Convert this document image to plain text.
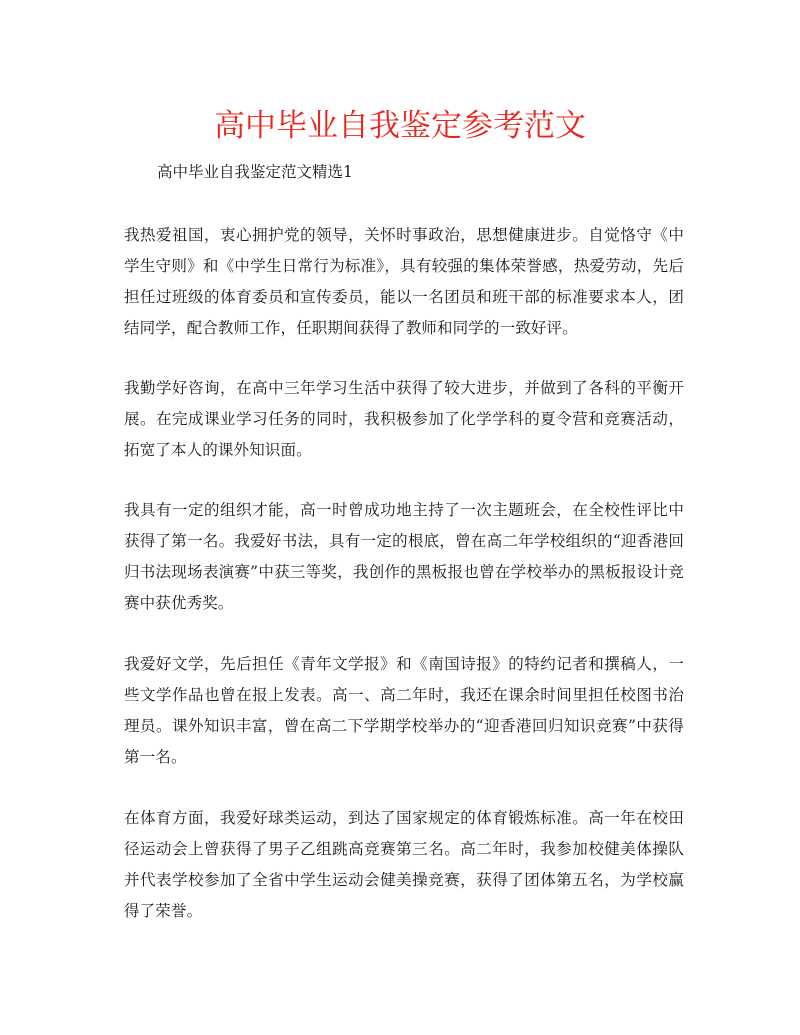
高中毕业自我鉴定参考范文

高中毕业自我鉴定范文精选1

我热爱祖国，衷心拥护党的领导，关怀时事政治，思想健康进步。自觉恪守《中学生守则》和《中学生日常行为标准》，具有较强的集体荣誉感，热爱劳动，先后担任过班级的体育委员和宣传委员，能以一名团员和班干部的标准要求本人，团结同学，配合教师工作，任职期间获得了教师和同学的一致好评。

我勤学好咨询，在高中三年学习生活中获得了较大进步，并做到了各科的平衡开展。在完成课业学习任务的同时，我积极参加了化学学科的夏令营和竞赛活动，拓宽了本人的课外知识面。

我具有一定的组织才能，高一时曾成功地主持了一次主题班会，在全校性评比中获得了第一名。我爱好书法，具有一定的根底，曾在高二年学校组织的“迎香港回归书法现场表演赛”中获三等奖，我创作的黑板报也曾在学校举办的黑板报设计竞赛中获优秀奖。

我爱好文学，先后担任《青年文学报》和《南国诗报》的特约记者和撰稿人，一些文学作品也曾在报上发表。高一、高二年时，我还在课余时间里担任校图书治理员。课外知识丰富，曾在高二下学期学校举办的“迎香港回归知识竞赛”中获得第一名。

在体育方面，我爱好球类运动，到达了国家规定的体育锻炼标准。高一年在校田径运动会上曾获得了男子乙组跳高竞赛第三名。高二年时，我参加校健美体操队并代表学校参加了全省中学生运动会健美操竞赛，获得了团体第五名，为学校赢得了荣誉。
